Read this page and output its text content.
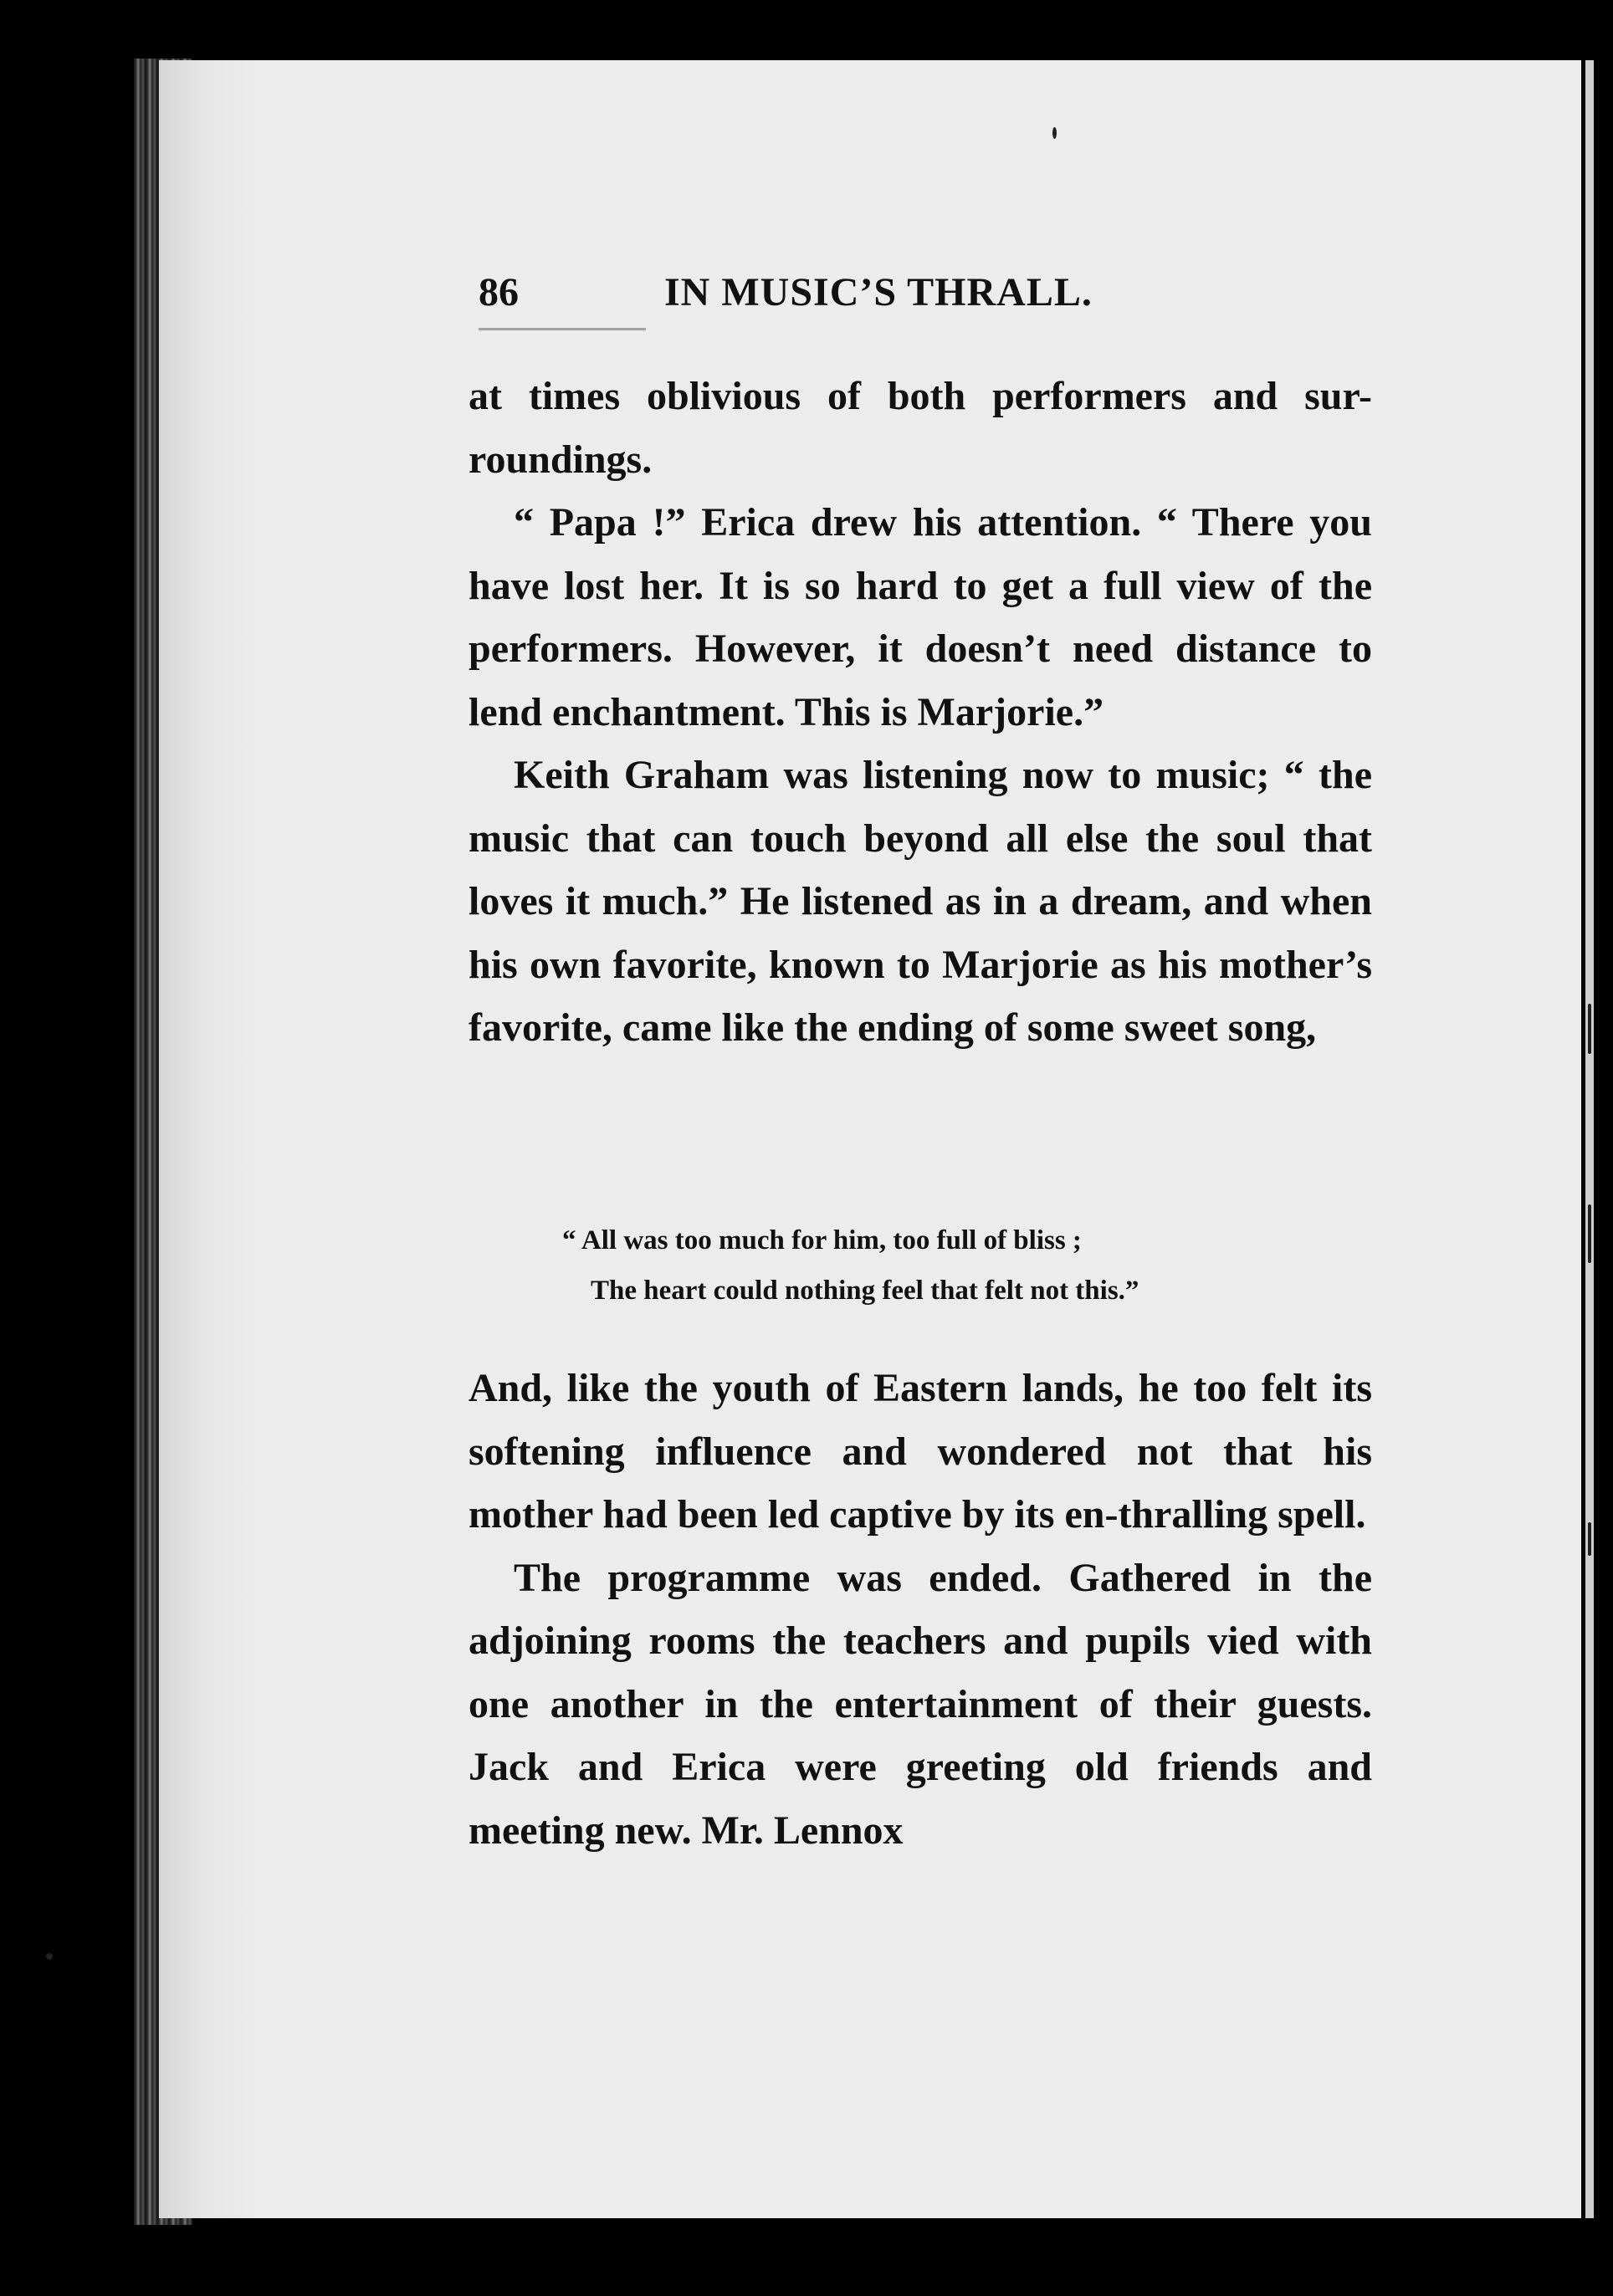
86	IN MUSIC’S THRALL.

at times oblivious of both performers and sur-roundings.

“ Papa !” Erica drew his attention. “ There you have lost her. It is so hard to get a full view of the performers. However, it doesn’t need distance to lend enchantment. This is Marjorie.”

Keith Graham was listening now to music; “ the music that can touch beyond all else the soul that loves it much.” He listened as in a dream, and when his own favorite, known to Marjorie as his mother’s favorite, came like the ending of some sweet song,

“ All was too much for him, too full of bliss ;
The heart could nothing feel that felt not this.”

And, like the youth of Eastern lands, he too felt its softening influence and wondered not that his mother had been led captive by its en-thralling spell.

The programme was ended. Gathered in the adjoining rooms the teachers and pupils vied with one another in the entertainment of their guests. Jack and Erica were greeting old friends and meeting new. Mr. Lennox
